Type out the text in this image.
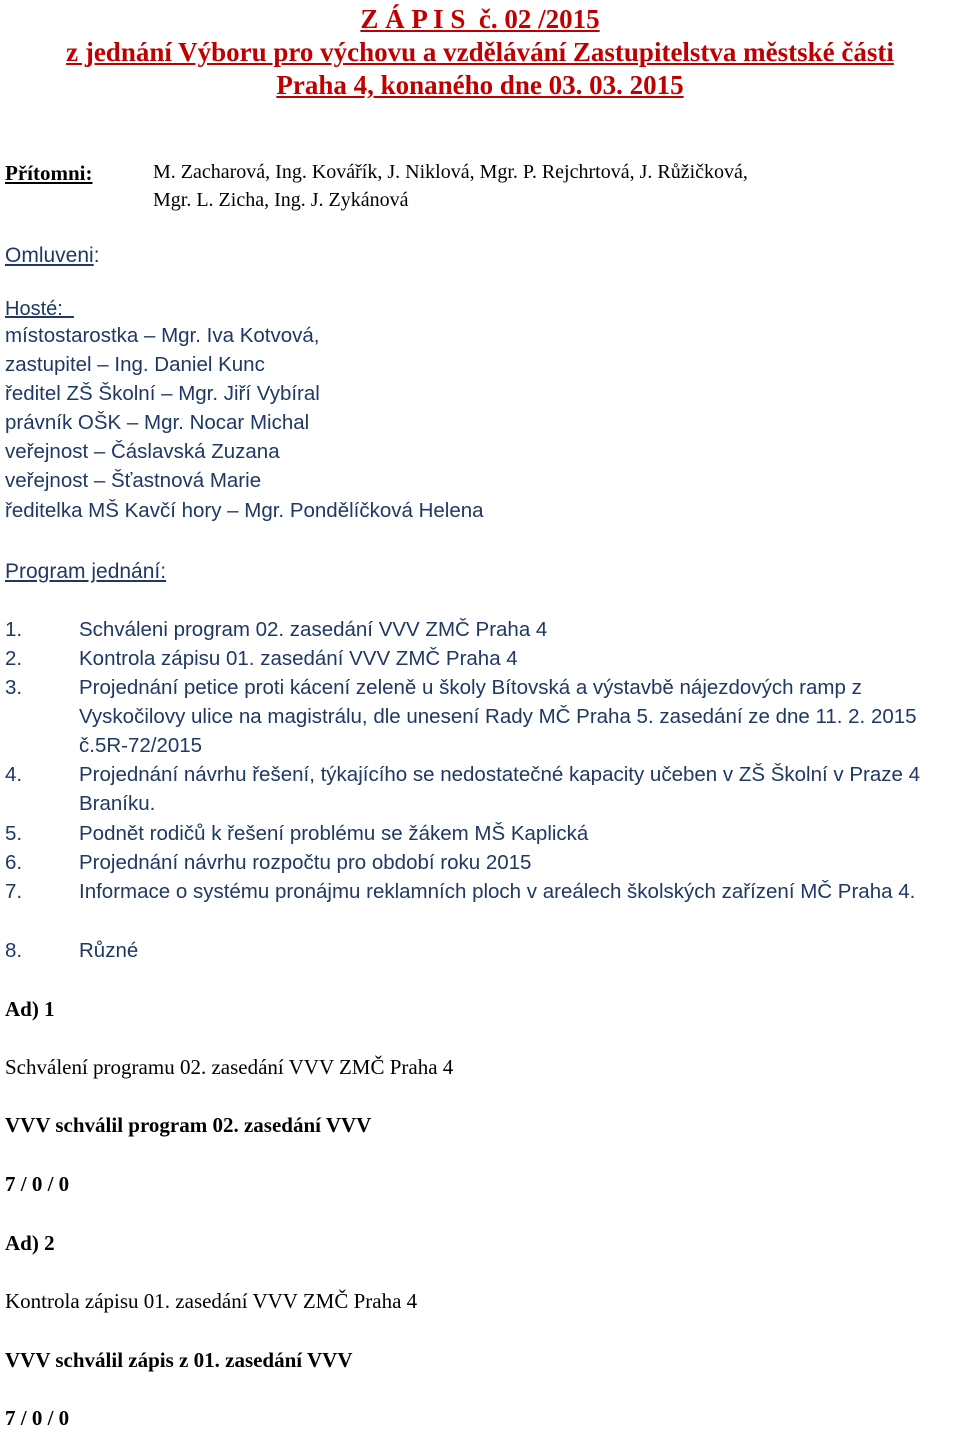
Z Á P I S  č. 02 /2015
z jednání Výboru pro výchovu a vzdělávání Zastupitelstva městské části
Praha 4, konaného dne 03. 03. 2015
Přítomni:	M. Zacharová, Ing. Kovářík, J. Niklová, Mgr. P. Rejchrtová, J. Růžičková,
Mgr. L. Zicha, Ing. J. Zykánová
Omluveni:
Hosté:
místostarostka – Mgr. Iva Kotvová,
zastupitel – Ing. Daniel Kunc
ředitel ZŠ Školní – Mgr. Jiří Vybíral
právník OŠK – Mgr. Nocar Michal
veřejnost – Čáslavská Zuzana
veřejnost – Šťastnová Marie
ředitelka MŠ Kavčí hory – Mgr. Pondělíčková Helena
Program jednání:
1.	Schváleni program 02. zasedání VVV ZMČ Praha 4
2.	Kontrola zápisu 01. zasedání VVV ZMČ Praha 4
3.	Projednání petice proti kácení zeleně u školy Bítovská a výstavbě nájezdových ramp z Vyskočilovy ulice na magistrálu, dle unesení Rady MČ Praha 5. zasedání ze dne 11. 2. 2015 č.5R-72/2015
4.	Projednání návrhu řešení, týkajícího se nedostatečné kapacity učeben v ZŠ Školní v Praze 4 Braníku.
5.	Podnět rodičů k řešení problému se žákem MŠ Kaplická
6.	Projednání návrhu rozpočtu pro období roku 2015
7.	Informace o systému pronájmu reklamních ploch v areálech školských zařízení MČ Praha 4.
8.	Různé
Ad) 1
Schválení programu 02. zasedání VVV ZMČ Praha 4
VVV schválil program 02. zasedání VVV
7 / 0 / 0
Ad) 2
Kontrola zápisu 01. zasedání VVV ZMČ Praha 4
VVV schválil zápis z 01. zasedání VVV
7 / 0 / 0
